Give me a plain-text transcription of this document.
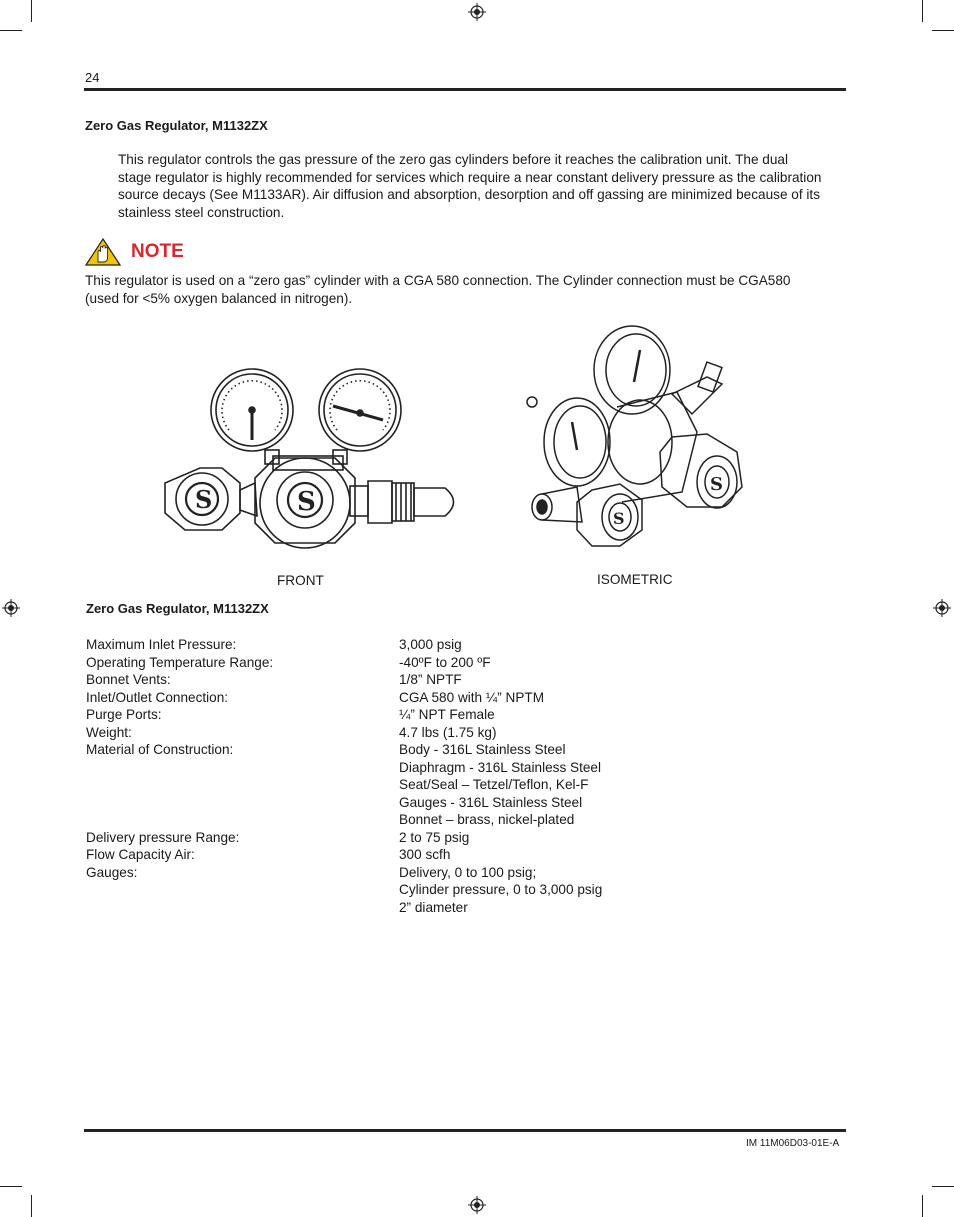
24
Zero Gas Regulator, M1132ZX
This regulator controls the gas pressure of the zero gas cylinders before it reaches the calibration unit. The dual stage regulator is highly recommended for services which require a near constant delivery pressure as the calibration source decays (See M1133AR). Air diffusion and absorption, desorption and off gassing are minimized because of its stainless steel construction.
NOTE
This regulator is used on a “zero gas” cylinder with a CGA 580 connection. The Cylinder connection must be CGA580 (used for <5% oxygen balanced in nitrogen).
S	S
S
S
FRONT	ISOMETRIC
Zero Gas Regulator, M1132ZX
Maximum Inlet Pressure:	3,000 psig
Operating Temperature Range:	-40ºF to 200 ºF
Bonnet Vents:	1/8” NPTF
Inlet/Outlet Connection:	CGA 580 with ¼” NPTM
Purge Ports:	¼” NPT Female
Weight:	4.7 lbs (1.75 kg)
Material of Construction:	Body - 316L Stainless Steel
Diaphragm - 316L Stainless Steel
Seat/Seal – Tetzel/Teflon, Kel-F
Gauges - 316L Stainless Steel
Bonnet – brass, nickel-plated
Delivery pressure Range:	2 to 75 psig
Flow Capacity Air:	300 scfh
Gauges:	Delivery, 0 to 100 psig;
Cylinder pressure, 0 to 3,000 psig
2” diameter
IM 11M06D03-01E-A
